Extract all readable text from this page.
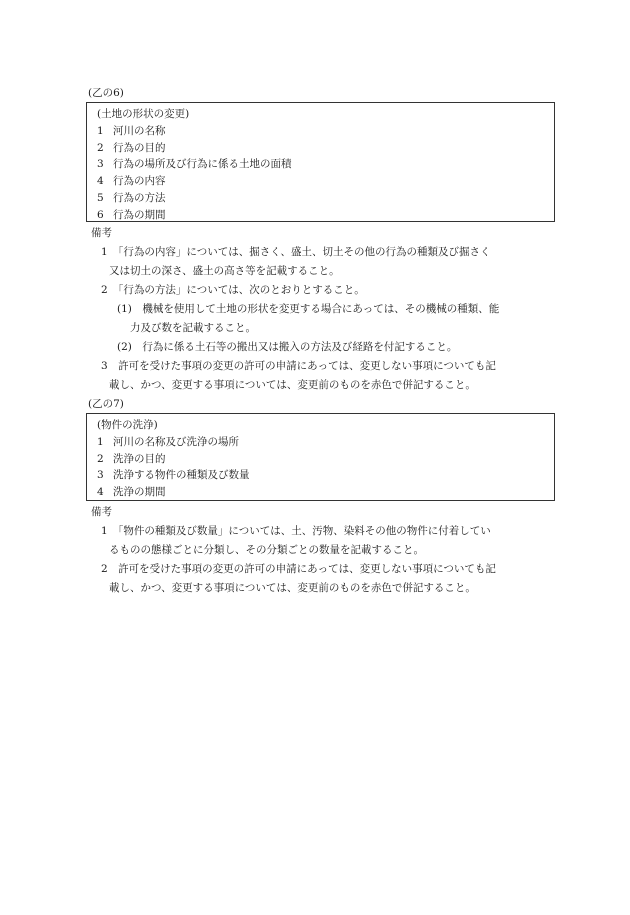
(乙の6)
(土地の形状の変更)
1 河川の名称
2 行為の目的
3 行為の場所及び行為に係る土地の面積
4 行為の内容
5 行為の方法
6 行為の期間
備考
1　「行為の内容」については、掘さく、盛土、切土その他の行為の種類及び掘さく
又は切土の深さ、盛土の高さ等を記載すること。
2　「行為の方法」については、次のとおりとすること。
(1)　機械を使用して土地の形状を変更する場合にあっては、その機械の種類、能
力及び数を記載すること。
(2)　行為に係る土石等の搬出又は搬入の方法及び経路を付記すること。
3　許可を受けた事項の変更の許可の申請にあっては、変更しない事項についても記
載し、かつ、変更する事項については、変更前のものを赤色で併記すること。
(乙の7)
(物件の洗浄)
1 河川の名称及び洗浄の場所
2 洗浄の目的
3 洗浄する物件の種類及び数量
4 洗浄の期間
備考
1　「物件の種類及び数量」については、土、汚物、染料その他の物件に付着してい
るものの態様ごとに分類し、その分類ごとの数量を記載すること。
2　許可を受けた事項の変更の許可の申請にあっては、変更しない事項についても記
載し、かつ、変更する事項については、変更前のものを赤色で併記すること。
